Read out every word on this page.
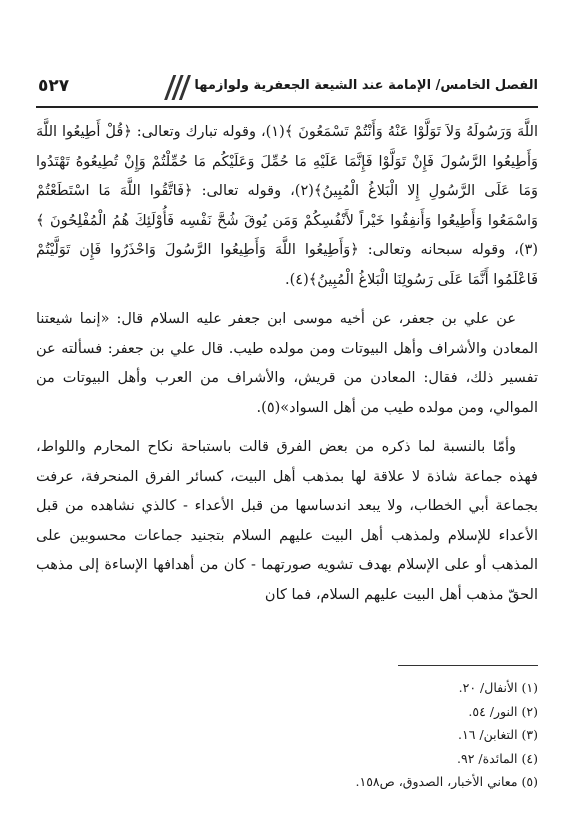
الفصل الخامس/ الإمامة عند الشيعة الجعفرية ولوازمها
///
٥٢٧

اللَّهَ وَرَسُولَهُ وَلاَ تَوَلَّوْا عَنْهُ وَأَنْتُمْ تَسْمَعُونَ ﴾(١)، وقوله تبارك وتعالى: ﴿قُلْ أَطِيعُوا اللَّهَ وَأَطِيعُوا الرَّسُولَ فَإِنْ تَوَلَّوْا فَإِنَّمَا عَلَيْهِ مَا حُمِّلَ وَعَلَيْكُم مَا حُمِّلْتُمْ وَإِنْ تُطِيعُوهُ تَهْتَدُوا وَمَا عَلَى الرَّسُولِ إِلا الْبَلاغُ الْمُبِينُ﴾(٢)، وقوله تعالى: ﴿فَاتَّقُوا اللَّهَ مَا اسْتَطَعْتُمْ وَاسْمَعُوا وَأَطِيعُوا وَأَنفِقُوا خَيْراً لأَنْفُسِكُمْ وَمَن يُوقَ شُحَّ نَفْسِه فَأُوْلَئِكَ هُمُ الْمُفْلِحُونَ ﴾(٣)، وقوله سبحانه وتعالى: ﴿وَأَطِيعُوا اللَّهَ وَأَطِيعُوا الرَّسُولَ وَاحْذَرُوا فَإِن تَوَلَّيْتُمْ فَاعْلَمُوا أَنَّمَا عَلَى رَسُولِنَا الْبَلاغُ الْمُبِينُ﴾(٤).

عن علي بن جعفر، عن أخيه موسى ابن جعفر عليه السلام قال: «إنما شيعتنا المعادن والأشراف وأهل البيوتات ومن مولده طيب. قال علي بن جعفر: فسألته عن تفسير ذلك، فقال: المعادن من قريش، والأشراف من العرب وأهل البيوتات من الموالي، ومن مولده طيب من أهل السواد»(٥).

وأمّا بالنسبة لما ذكره من بعض الفرق قالت باستباحة نكاح المحارم واللواط، فهذه جماعة شاذة لا علاقة لها بمذهب أهل البيت، كسائر الفرق المنحرفة، عرفت بجماعة أبي الخطاب، ولا يبعد اندساسها من قبل الأعداء - كالذي نشاهده من قبل الأعداء للإسلام ولمذهب أهل البيت عليهم السلام بتجنيد جماعات محسوبين على المذهب أو على الإسلام بهدف تشويه صورتهما - كان من أهدافها الإساءة إلى مذهب الحقّ مذهب أهل البيت عليهم السلام، فما كان

(١) الأنفال/ ٢٠.
(٢) النور/ ٥٤.
(٣) التغابن/ ١٦.
(٤) المائدة/ ٩٢.
(٥) معاني الأخبار، الصدوق، ص١٥٨.
